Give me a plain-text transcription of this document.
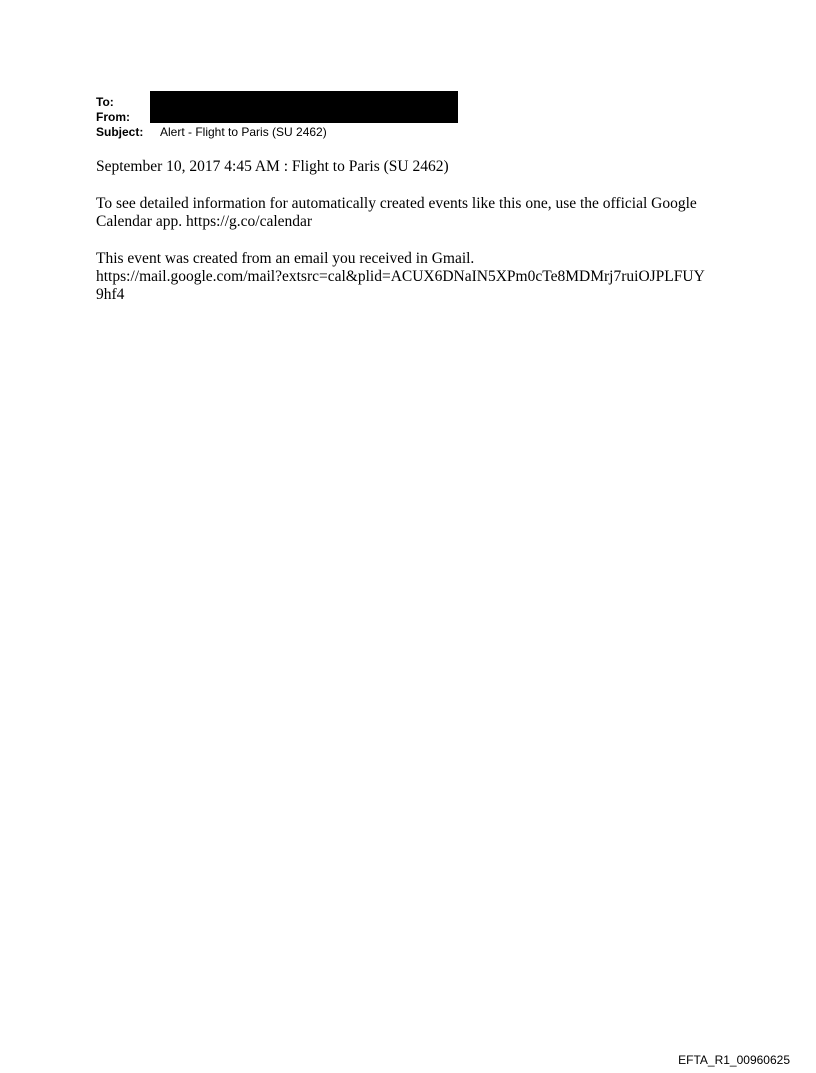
To:
From:
Subject:	Alert - Flight to Paris (SU 2462)
September 10, 2017 4:45 AM : Flight to Paris (SU 2462)
To see detailed information for automatically created events like this one, use the official Google Calendar app. https://g.co/calendar
This event was created from an email you received in Gmail.
https://mail.google.com/mail?extsrc=cal&plid=ACUX6DNaIN5XPm0cTe8MDMrj7ruiOJPLFUY
9hf4
EFTA_R1_00960625
